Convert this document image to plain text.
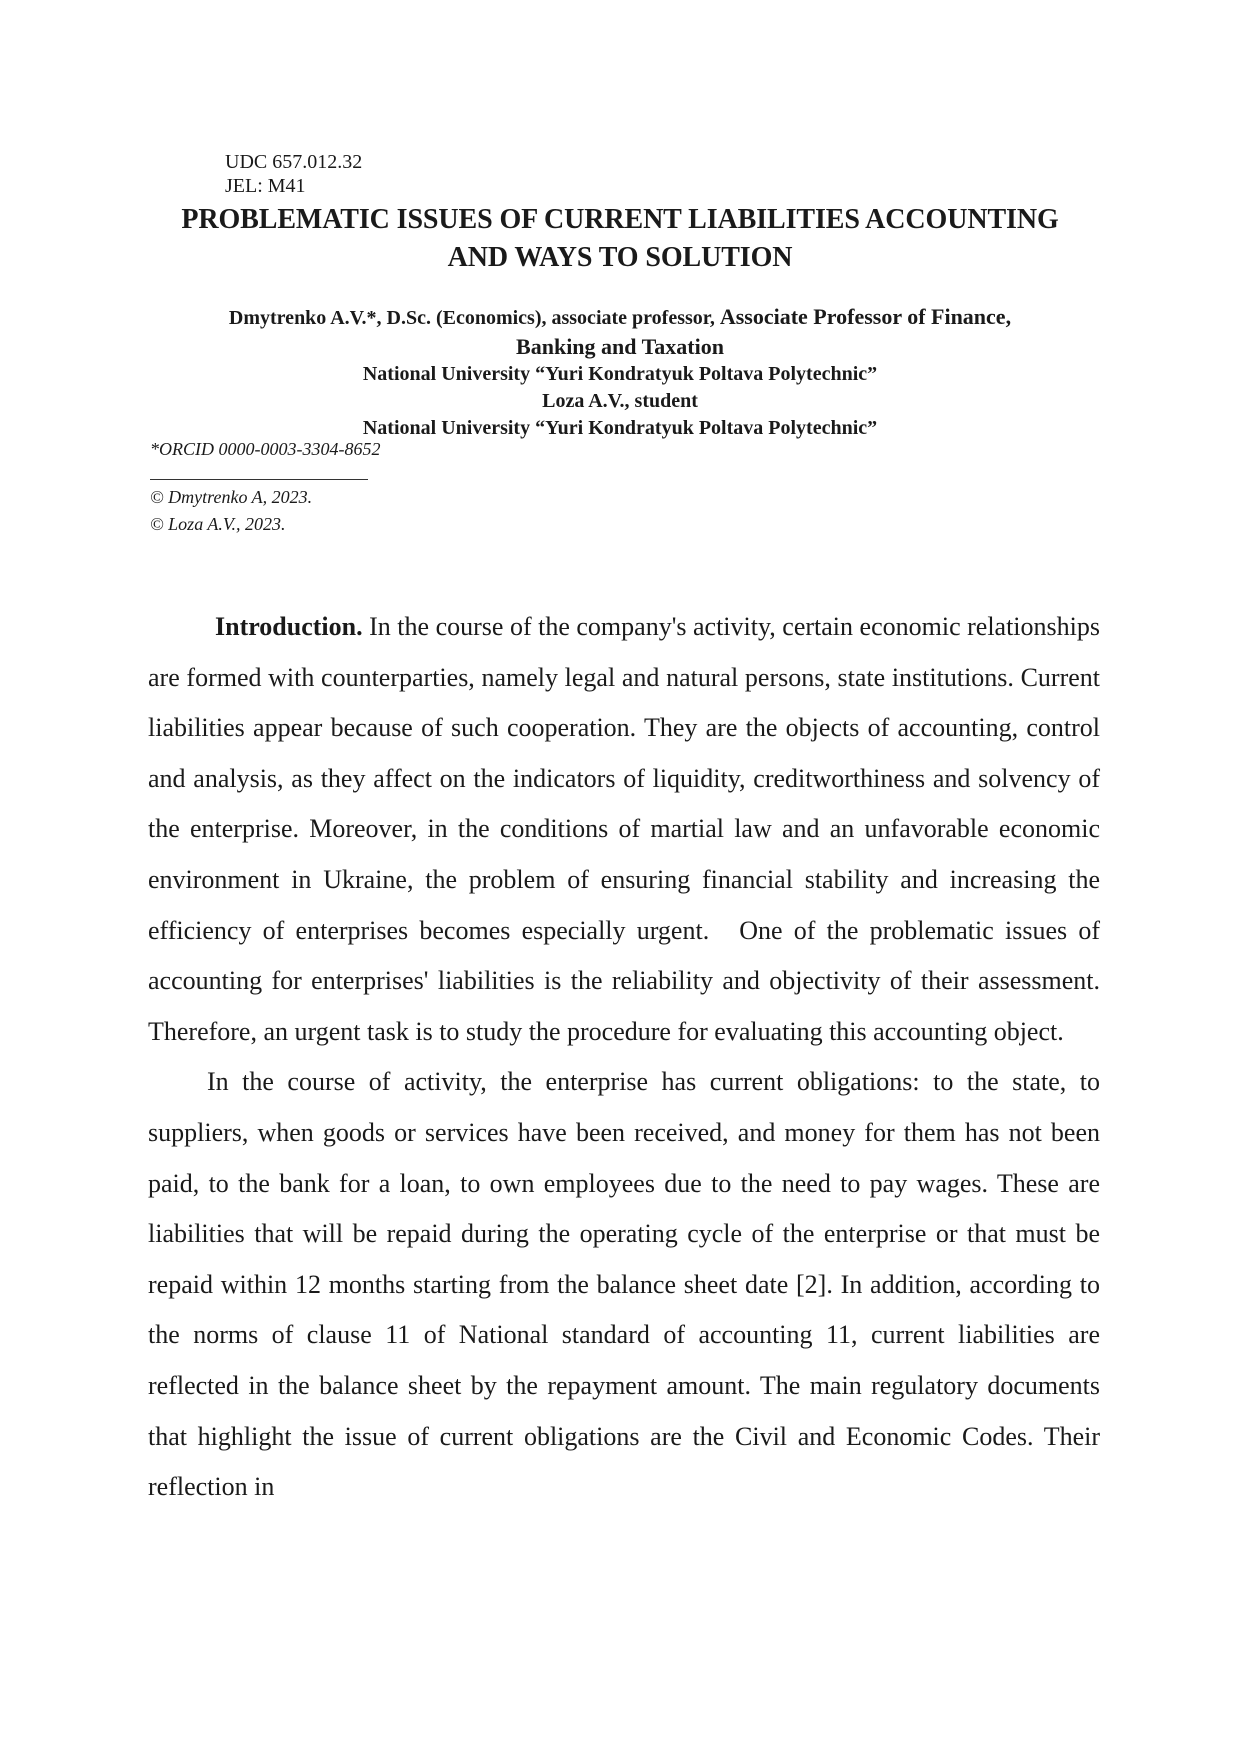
UDC 657.012.32
JEL: M41
PROBLEMATIC ISSUES OF CURRENT LIABILITIES ACCOUNTING
AND WAYS TO SOLUTION
Dmytrenko A.V.*, D.Sc. (Economics), associate professor, Associate Professor of Finance,
Banking and Taxation
National University “Yuri Kondratyuk Poltava Polytechnic”
Loza A.V., student
National University “Yuri Kondratyuk Poltava Polytechnic”
*ORCID 0000-0003-3304-8652
© Dmytrenko A, 2023.
© Loza A.V., 2023.

Introduction. In the course of the company's activity, certain economic relationships are formed with counterparties, namely legal and natural persons, state institutions. Current liabilities appear because of such cooperation. They are the objects of accounting, control and analysis, as they affect on the indicators of liquidity, creditworthiness and solvency of the enterprise. Moreover, in the conditions of martial law and an unfavorable economic environment in Ukraine, the problem of ensuring financial stability and increasing the efficiency of enterprises becomes especially urgent. One of the problematic issues of accounting for enterprises' liabilities is the reliability and objectivity of their assessment. Therefore, an urgent task is to study the procedure for evaluating this accounting object.

In the course of activity, the enterprise has current obligations: to the state, to suppliers, when goods or services have been received, and money for them has not been paid, to the bank for a loan, to own employees due to the need to pay wages. These are liabilities that will be repaid during the operating cycle of the enterprise or that must be repaid within 12 months starting from the balance sheet date [2]. In addition, according to the norms of clause 11 of National standard of accounting 11, current liabilities are reflected in the balance sheet by the repayment amount. The main regulatory documents that highlight the issue of current obligations are the Civil and Economic Codes. Their reflection in
